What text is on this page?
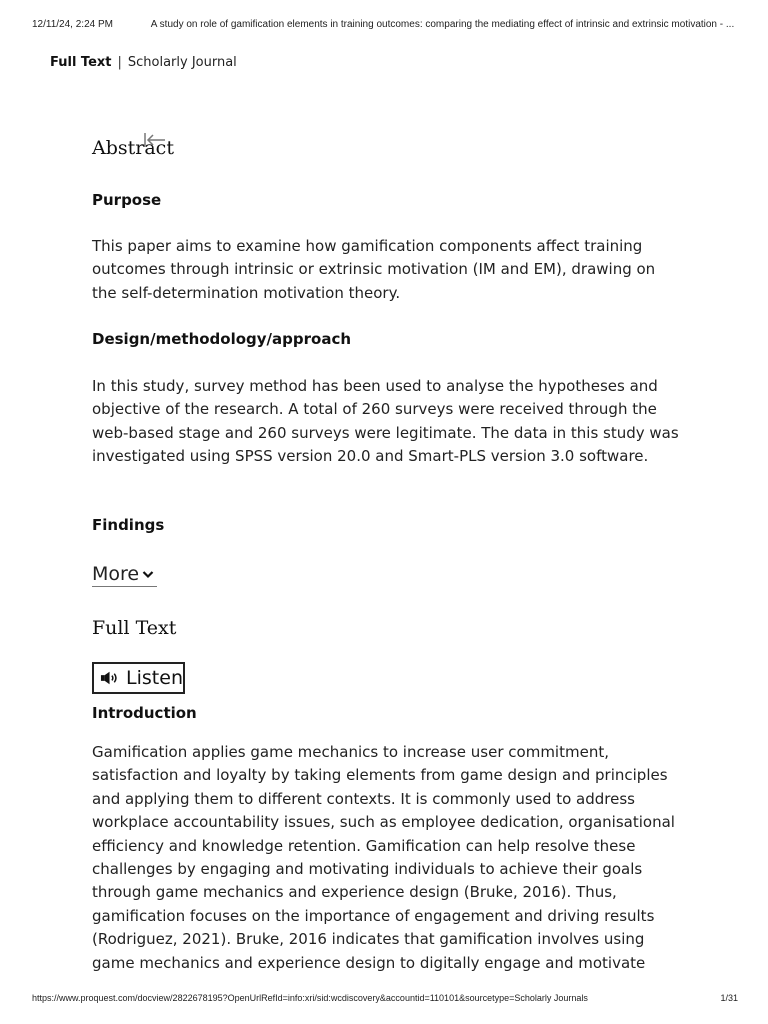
12/11/24, 2:24 PM	A study on role of gamification elements in training outcomes: comparing the mediating effect of intrinsic and extrinsic motivation - ...
Full Text | Scholarly Journal
Abstract
Purpose
This paper aims to examine how gamification components affect training outcomes through intrinsic or extrinsic motivation (IM and EM), drawing on the self-determination motivation theory.
Design/methodology/approach
In this study, survey method has been used to analyse the hypotheses and objective of the research. A total of 260 surveys were received through the web-based stage and 260 surveys were legitimate. The data in this study was investigated using SPSS version 20.0 and Smart-PLS version 3.0 software.
Findings
More
Full Text
Listen
Introduction
Gamification applies game mechanics to increase user commitment, satisfaction and loyalty by taking elements from game design and principles and applying them to different contexts. It is commonly used to address workplace accountability issues, such as employee dedication, organisational efficiency and knowledge retention. Gamification can help resolve these challenges by engaging and motivating individuals to achieve their goals through game mechanics and experience design (Bruke, 2016). Thus, gamification focuses on the importance of engagement and driving results (Rodriguez, 2021). Bruke, 2016 indicates that gamification involves using game mechanics and experience design to digitally engage and motivate
https://www.proquest.com/docview/2822678195?OpenUrlRefId=info:xri/sid:wcdiscovery&accountid=110101&sourcetype=Scholarly Journals	1/31
